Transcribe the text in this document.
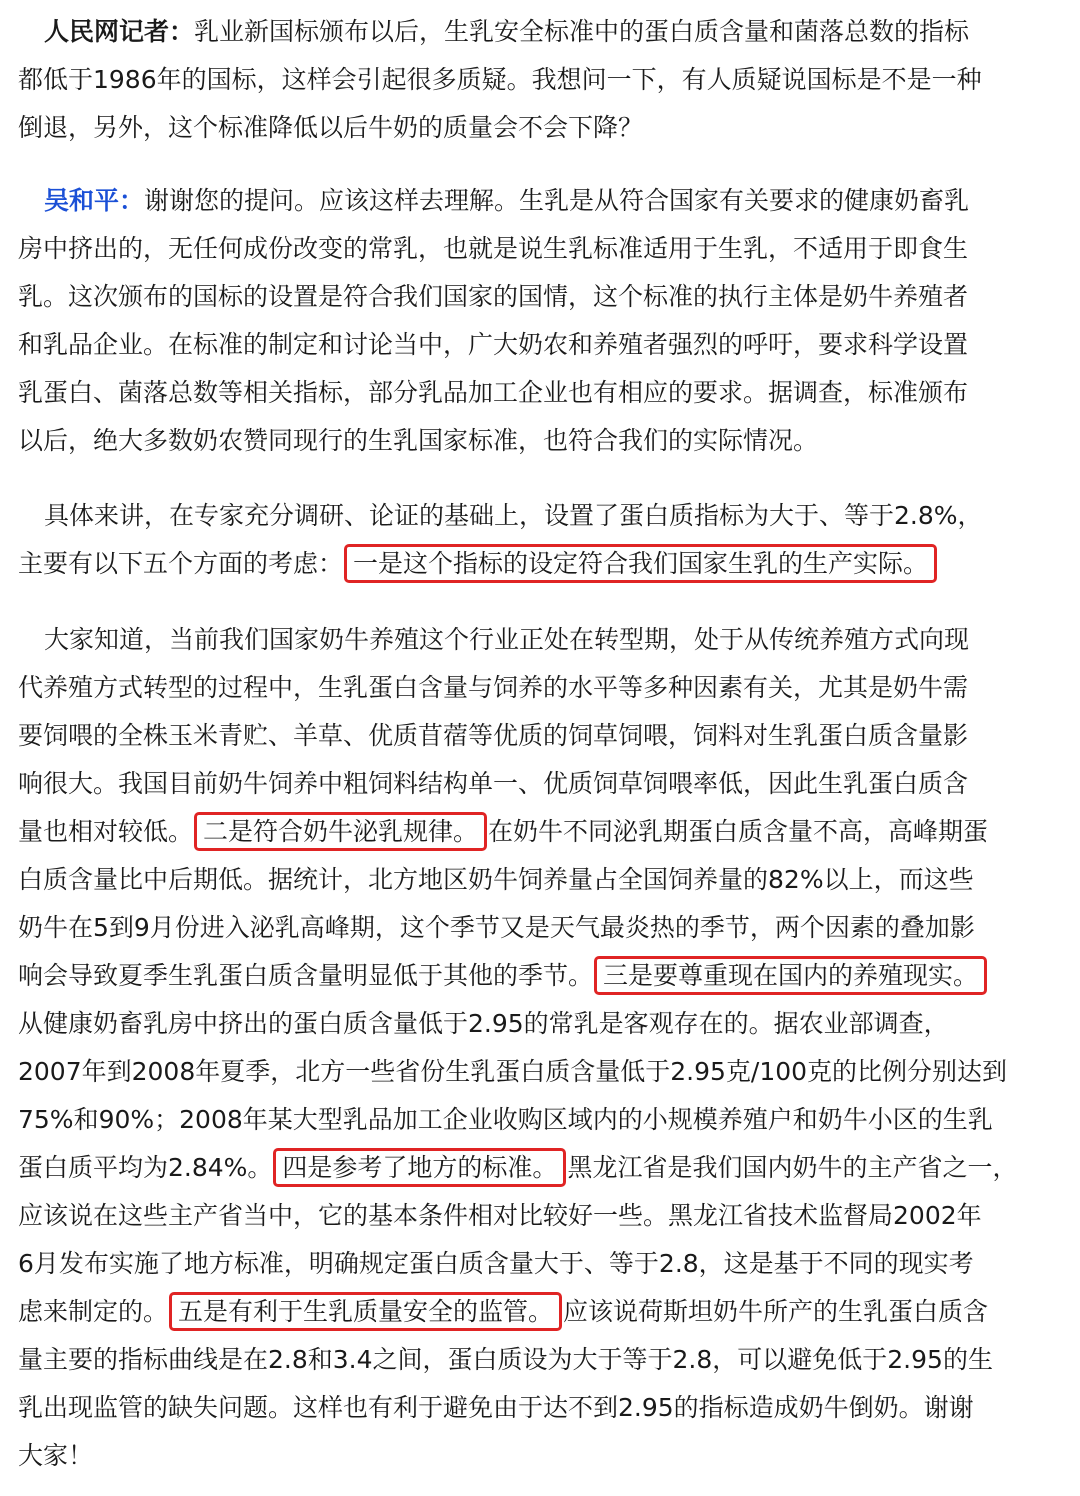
人民网记者：乳业新国标颁布以后，生乳安全标准中的蛋白质含量和菌落总数的指标
都低于1986年的国标，这样会引起很多质疑。我想问一下，有人质疑说国标是不是一种
倒退，另外，这个标准降低以后牛奶的质量会不会下降？
吴和平：谢谢您的提问。应该这样去理解。生乳是从符合国家有关要求的健康奶畜乳
房中挤出的，无任何成份改变的常乳，也就是说生乳标准适用于生乳，不适用于即食生
乳。这次颁布的国标的设置是符合我们国家的国情，这个标准的执行主体是奶牛养殖者
和乳品企业。在标准的制定和讨论当中，广大奶农和养殖者强烈的呼吁，要求科学设置
乳蛋白、菌落总数等相关指标，部分乳品加工企业也有相应的要求。据调查，标准颁布
以后，绝大多数奶农赞同现行的生乳国家标准，也符合我们的实际情况。
具体来讲，在专家充分调研、论证的基础上，设置了蛋白质指标为大于、等于2.8%，
主要有以下五个方面的考虑： 一是这个指标的设定符合我们国家生乳的生产实际。
大家知道，当前我们国家奶牛养殖这个行业正处在转型期，处于从传统养殖方式向现
代养殖方式转型的过程中，生乳蛋白含量与饲养的水平等多种因素有关，尤其是奶牛需
要饲喂的全株玉米青贮、羊草、优质苜蓿等优质的饲草饲喂，饲料对生乳蛋白质含量影
响很大。我国目前奶牛饲养中粗饲料结构单一、优质饲草饲喂率低，因此生乳蛋白质含
量也相对较低。 二是符合奶牛泌乳规律。 在奶牛不同泌乳期蛋白质含量不高，高峰期蛋
白质含量比中后期低。据统计，北方地区奶牛饲养量占全国饲养量的82%以上，而这些
奶牛在5到9月份进入泌乳高峰期，这个季节又是天气最炎热的季节，两个因素的叠加影
响会导致夏季生乳蛋白质含量明显低于其他的季节。 三是要尊重现在国内的养殖现实。
从健康奶畜乳房中挤出的蛋白质含量低于2.95的常乳是客观存在的。据农业部调查，
2007年到2008年夏季，北方一些省份生乳蛋白质含量低于2.95克/100克的比例分别达到
75%和90%；2008年某大型乳品加工企业收购区域内的小规模养殖户和奶牛小区的生乳
蛋白质平均为2.84%。 四是参考了地方的标准。 黑龙江省是我们国内奶牛的主产省之一，
应该说在这些主产省当中，它的基本条件相对比较好一些。黑龙江省技术监督局2002年
6月发布实施了地方标准，明确规定蛋白质含量大于、等于2.8，这是基于不同的现实考
虑来制定的。 五是有利于生乳质量安全的监管。 应该说荷斯坦奶牛所产的生乳蛋白质含
量主要的指标曲线是在2.8和3.4之间，蛋白质设为大于等于2.8，可以避免低于2.95的生
乳出现监管的缺失问题。这样也有利于避免由于达不到2.95的指标造成奶牛倒奶。谢谢
大家！
